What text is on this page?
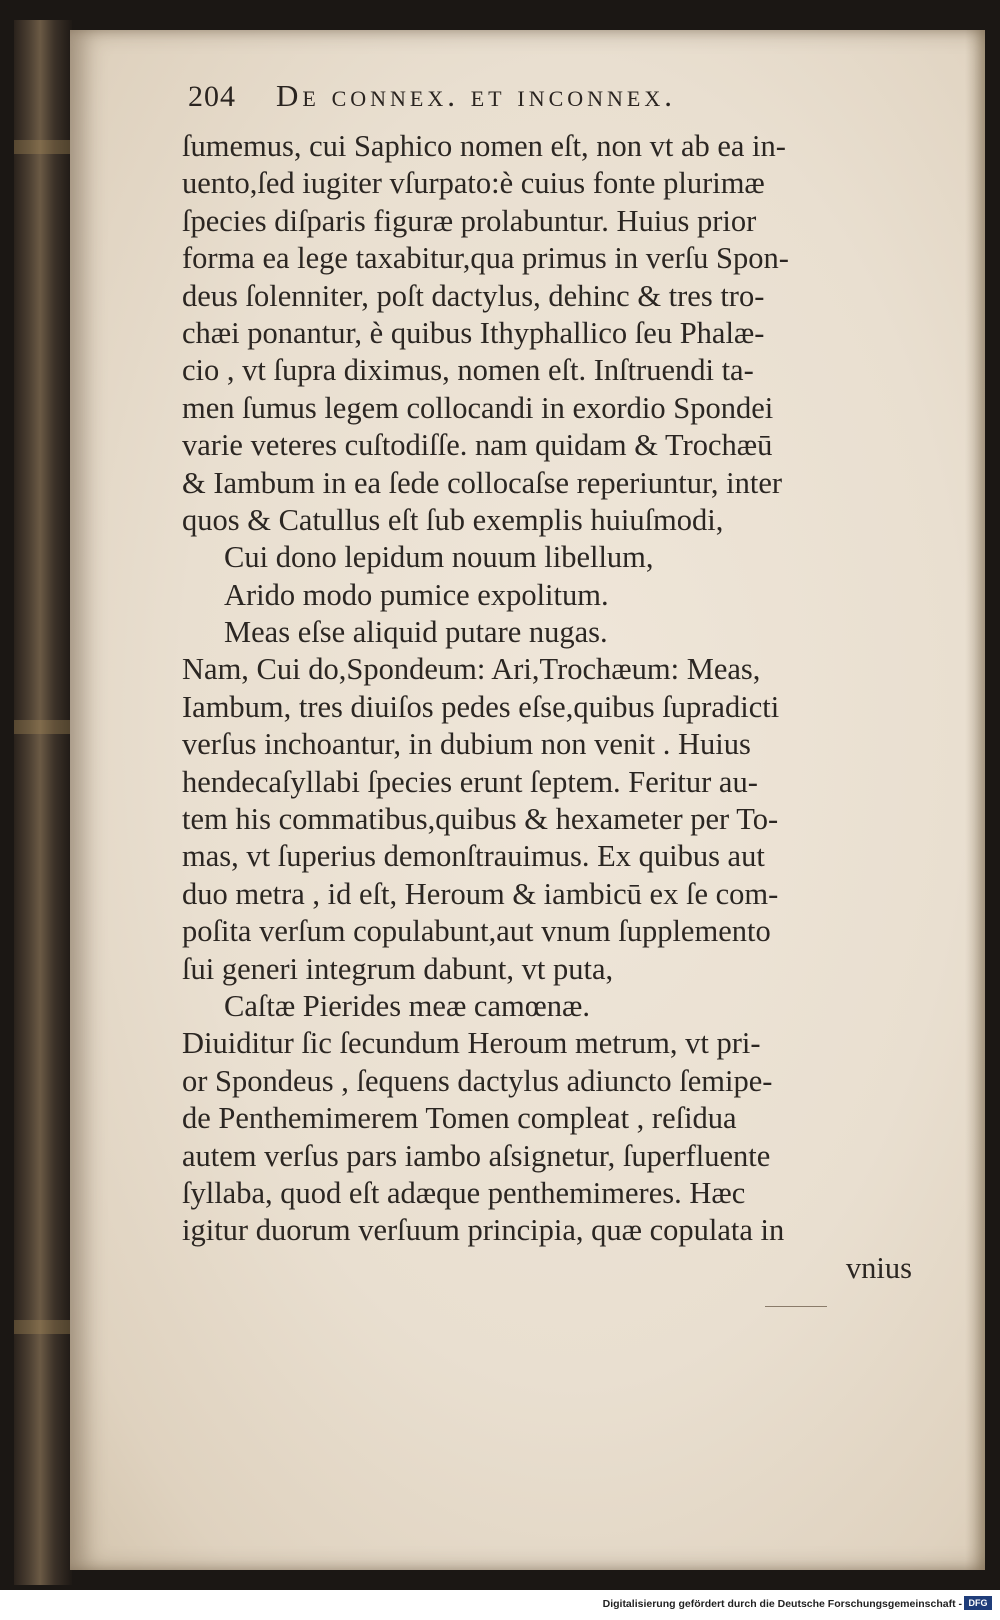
204 De connex. et inconnex.
ſumemus, cui Saphico nomen eſt, non vt ab ea in-
uento,ſed iugiter vſurpato:è cuius fonte plurimæ
ſpecies diſparis figuræ prolabuntur. Huius prior
forma ea lege taxabitur,qua primus in verſu Spon-
deus ſolenniter, poſt dactylus, dehinc & tres tro-
chæi ponantur, è quibus Ithyphallico ſeu Phalæ-
cio , vt ſupra diximus, nomen eſt. Inſtruendi ta-
men ſumus legem collocandi in exordio Spondei
varie veteres cuſtodiſſe. nam quidam & Trochæū
& Iambum in ea ſede collocaſse reperiuntur, inter
quos & Catullus eſt ſub exemplis huiuſmodi,
Cui dono lepidum nouum libellum,
Arido modo pumice expolitum.
Meas eſse aliquid putare nugas.
Nam, Cui do,Spondeum: Ari,Trochæum: Meas,
Iambum, tres diuiſos pedes eſse,quibus ſupradicti
verſus inchoantur, in dubium non venit . Huius
hendecaſyllabi ſpecies erunt ſeptem. Feritur au-
tem his commatibus,quibus & hexameter per To-
mas, vt ſuperius demonſtrauimus. Ex quibus aut
duo metra , id eſt, Heroum & iambicū ex ſe com-
poſita verſum copulabunt,aut vnum ſupplemento
ſui generi integrum dabunt, vt puta,
Caſtæ Pierides meæ camœnæ.
Diuiditur ſic ſecundum Heroum metrum, vt pri-
or Spondeus , ſequens dactylus adiuncto ſemipe-
de Penthemimerem Tomen compleat , reſidua
autem verſus pars iambo aſsignetur, ſuperfluente
ſyllaba, quod eſt adæque penthemimeres. Hæc
igitur duorum verſuum principia, quæ copulata in
vnius
Digitalisierung gefördert durch die Deutsche Forschungsgemeinschaft - DFG
